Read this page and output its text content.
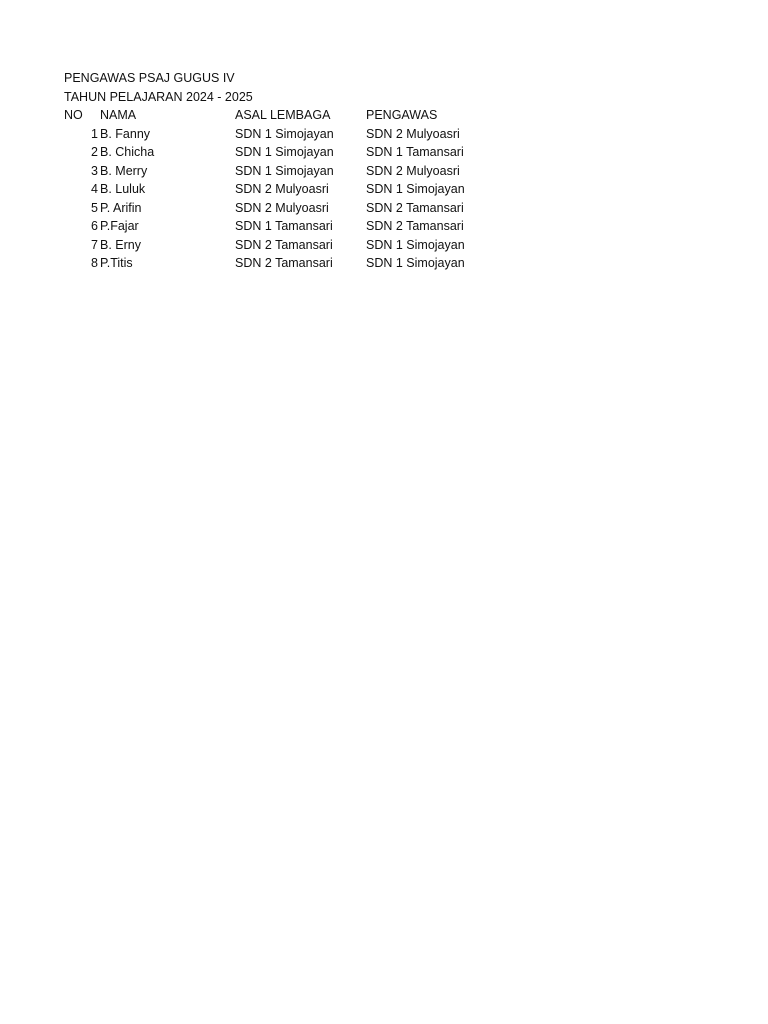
PENGAWAS PSAJ GUGUS IV
TAHUN PELAJARAN 2024 - 2025
NO	NAMA	ASAL LEMBAGA	PENGAWAS
1 B. Fanny	SDN 1 Simojayan	SDN 2 Mulyoasri
2 B. Chicha	SDN 1 Simojayan	SDN 1 Tamansari
3 B. Merry	SDN 1 Simojayan	SDN 2 Mulyoasri
4 B. Luluk	SDN 2 Mulyoasri	SDN 1 Simojayan
5 P. Arifin	SDN 2 Mulyoasri	SDN 2 Tamansari
6 P.Fajar	SDN 1 Tamansari	SDN 2 Tamansari
7 B. Erny	SDN 2 Tamansari	SDN 1 Simojayan
8 P.Titis	SDN 2 Tamansari	SDN 1 Simojayan
